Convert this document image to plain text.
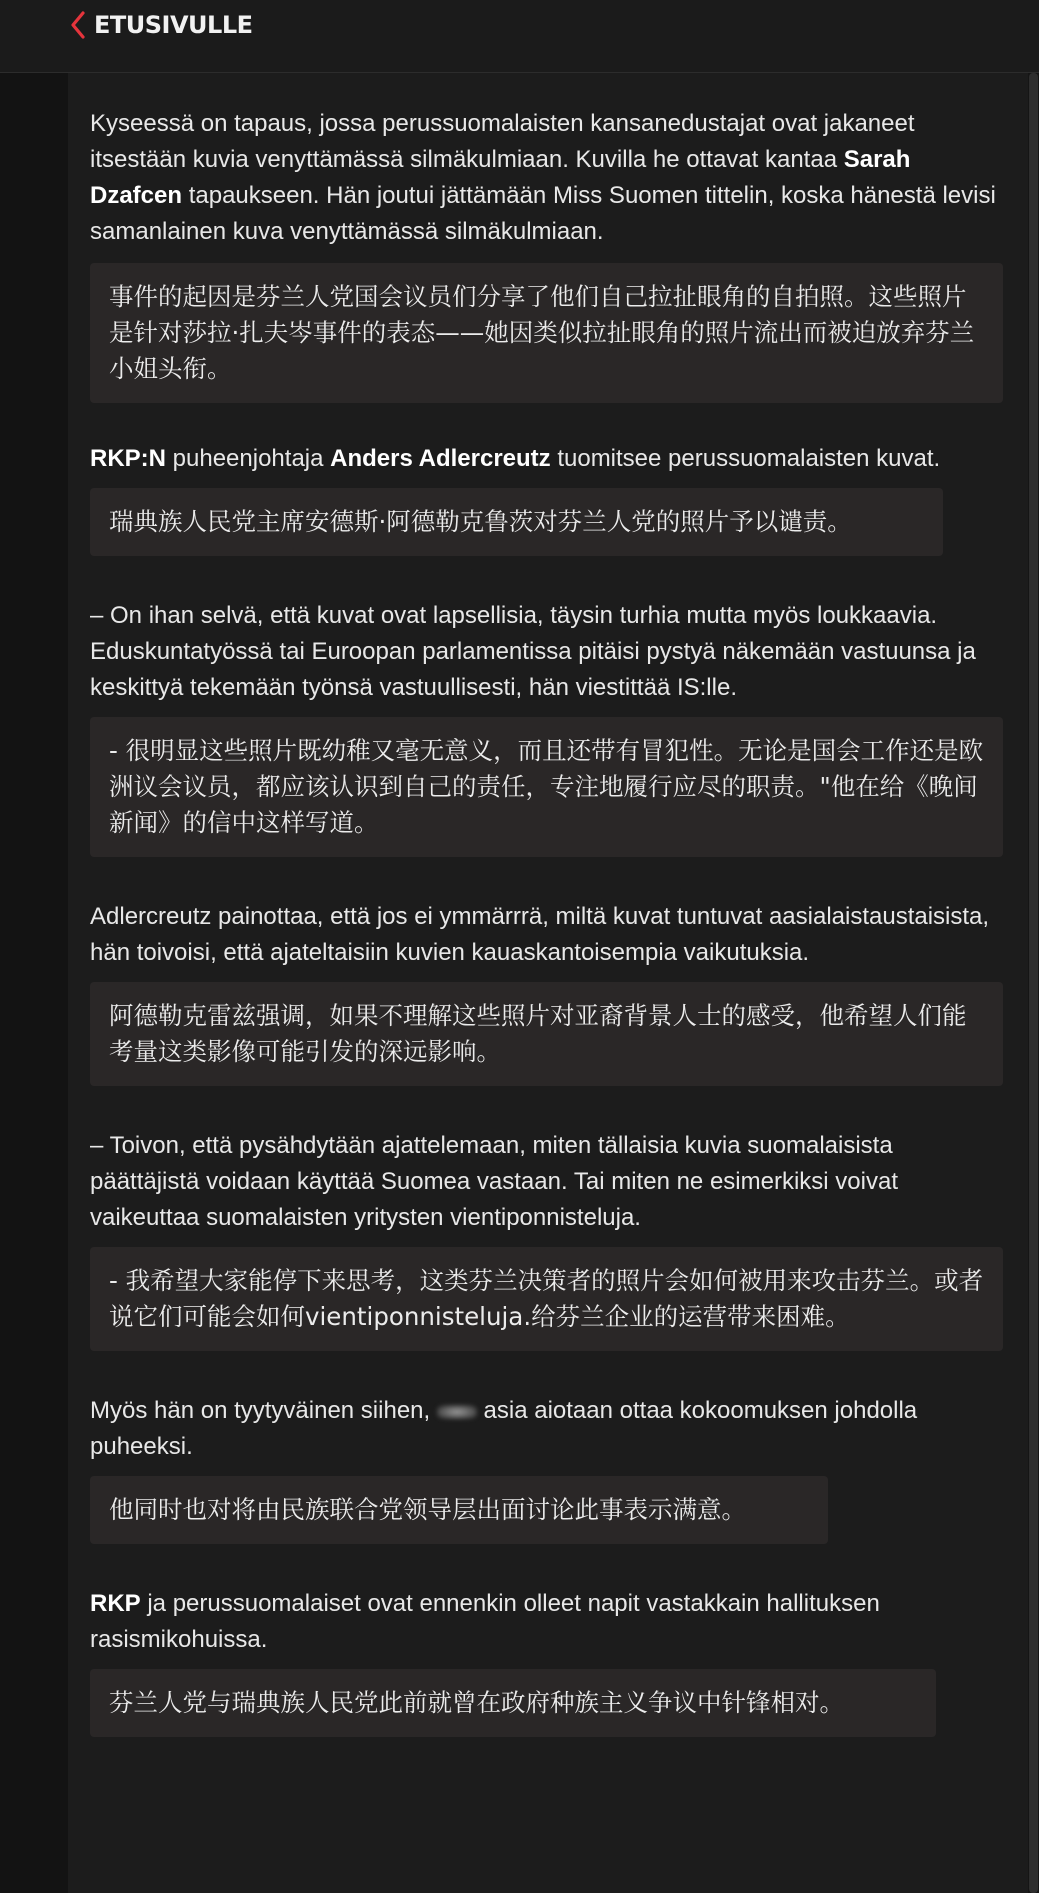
ETUSIVULLE

Kyseessä on tapaus, jossa perussuomalaisten kansanedustajat ovat jakaneet itsestään kuvia venyttämässä silmäkulmiaan. Kuvilla he ottavat kantaa Sarah Dzafcen tapaukseen. Hän joutui jättämään Miss Suomen tittelin, koska hänestä levisi samanlainen kuva venyttämässä silmäkulmiaan.

事件的起因是芬兰人党国会议员们分享了他们自己拉扯眼角的自拍照。这些照片是针对莎拉·扎夫岑事件的表态——她因类似拉扯眼角的照片流出而被迫放弃芬兰小姐头衔。

RKP:N puheenjohtaja Anders Adlercreutz tuomitsee perussuomalaisten kuvat.

瑞典族人民党主席安德斯·阿德勒克鲁茨对芬兰人党的照片予以谴责。

– On ihan selvä, että kuvat ovat lapsellisia, täysin turhia mutta myös loukkaavia. Eduskuntatyössä tai Euroopan parlamentissa pitäisi pystyä näkemään vastuunsa ja keskittyä tekemään työnsä vastuullisesti, hän viestittää IS:lle.

- 很明显这些照片既幼稚又毫无意义，而且还带有冒犯性。无论是国会工作还是欧洲议会议员，都应该认识到自己的责任，专注地履行应尽的职责。"他在给《晚间新闻》的信中这样写道。

Adlercreutz painottaa, että jos ei ymmärrrä, miltä kuvat tuntuvat aasialaistaustaisista, hän toivoisi, että ajateltaisiin kuvien kauaskantoisempia vaikutuksia.

阿德勒克雷兹强调，如果不理解这些照片对亚裔背景人士的感受，他希望人们能考量这类影像可能引发的深远影响。

– Toivon, että pysähdytään ajattelemaan, miten tällaisia kuvia suomalaisista päättäjistä voidaan käyttää Suomea vastaan. Tai miten ne esimerkiksi voivat vaikeuttaa suomalaisten yritysten vientiponnisteluja.

- 我希望大家能停下来思考，这类芬兰决策者的照片会如何被用来攻击芬兰。或者说它们可能会如何vientiponnisteluja.给芬兰企业的运营带来困难。

Myös hän on tyytyväinen siihen,  asia aiotaan ottaa kokoomuksen johdolla puheeksi.

他同时也对将由民族联合党领导层出面讨论此事表示满意。

RKP ja perussuomalaiset ovat ennenkin olleet napit vastakkain hallituksen rasismikohuissa.

芬兰人党与瑞典族人民党此前就曾在政府种族主义争议中针锋相对。
